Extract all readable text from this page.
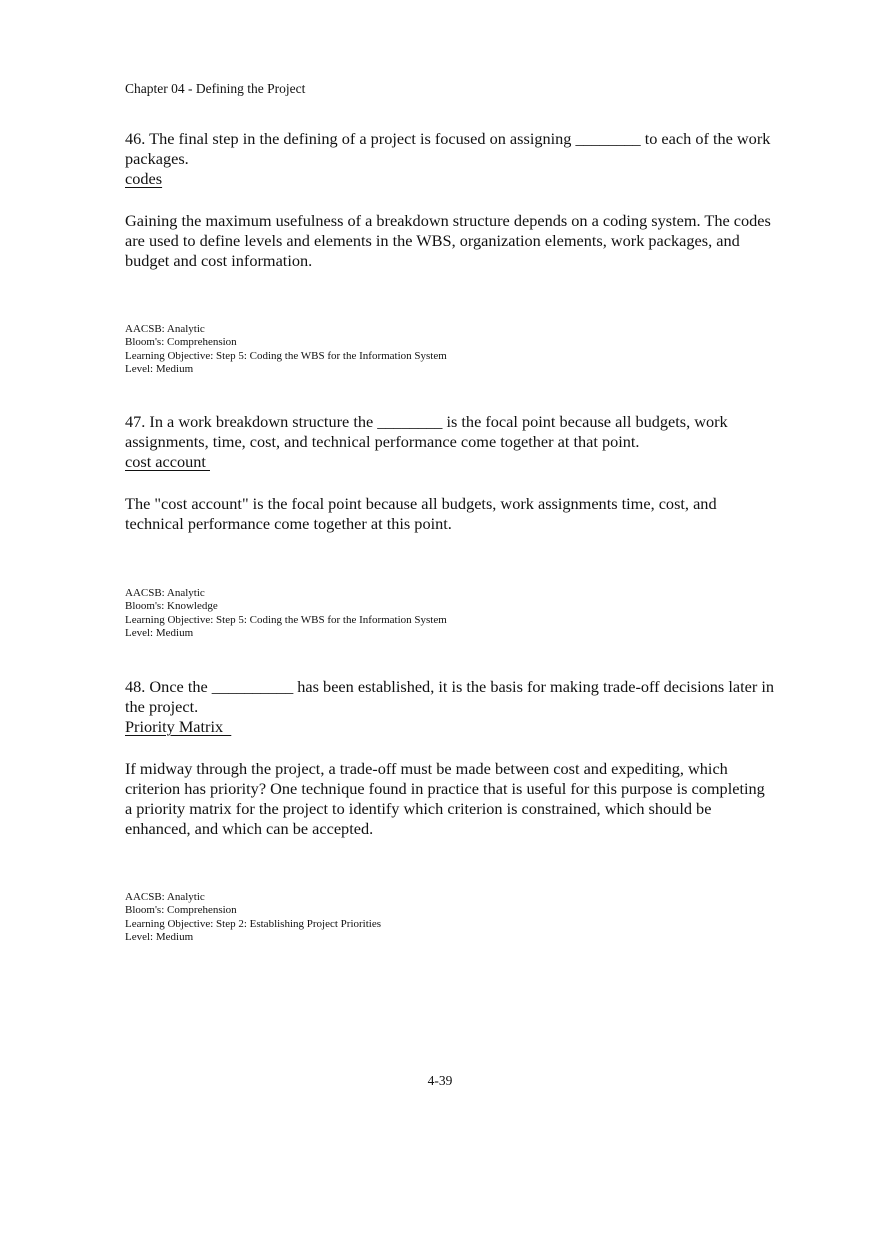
Chapter 04 - Defining the Project

46. The final step in the defining of a project is focused on assigning ________ to each of the work packages.

codes

Gaining the maximum usefulness of a breakdown structure depends on a coding system. The codes are used to define levels and elements in the WBS, organization elements, work packages, and budget and cost information.

AACSB: Analytic
Bloom's: Comprehension
Learning Objective: Step 5: Coding the WBS for the Information System
Level: Medium

47. In a work breakdown structure the ________ is the focal point because all budgets, work assignments, time, cost, and technical performance come together at that point.

cost account

The "cost account" is the focal point because all budgets, work assignments time, cost, and technical performance come together at this point.

AACSB: Analytic
Bloom's: Knowledge
Learning Objective: Step 5: Coding the WBS for the Information System
Level: Medium

48. Once the __________ has been established, it is the basis for making trade-off decisions later in the project.

Priority Matrix

If midway through the project, a trade-off must be made between cost and expediting, which criterion has priority? One technique found in practice that is useful for this purpose is completing a priority matrix for the project to identify which criterion is constrained, which should be enhanced, and which can be accepted.

AACSB: Analytic
Bloom's: Comprehension
Learning Objective: Step 2: Establishing Project Priorities
Level: Medium
4-39
